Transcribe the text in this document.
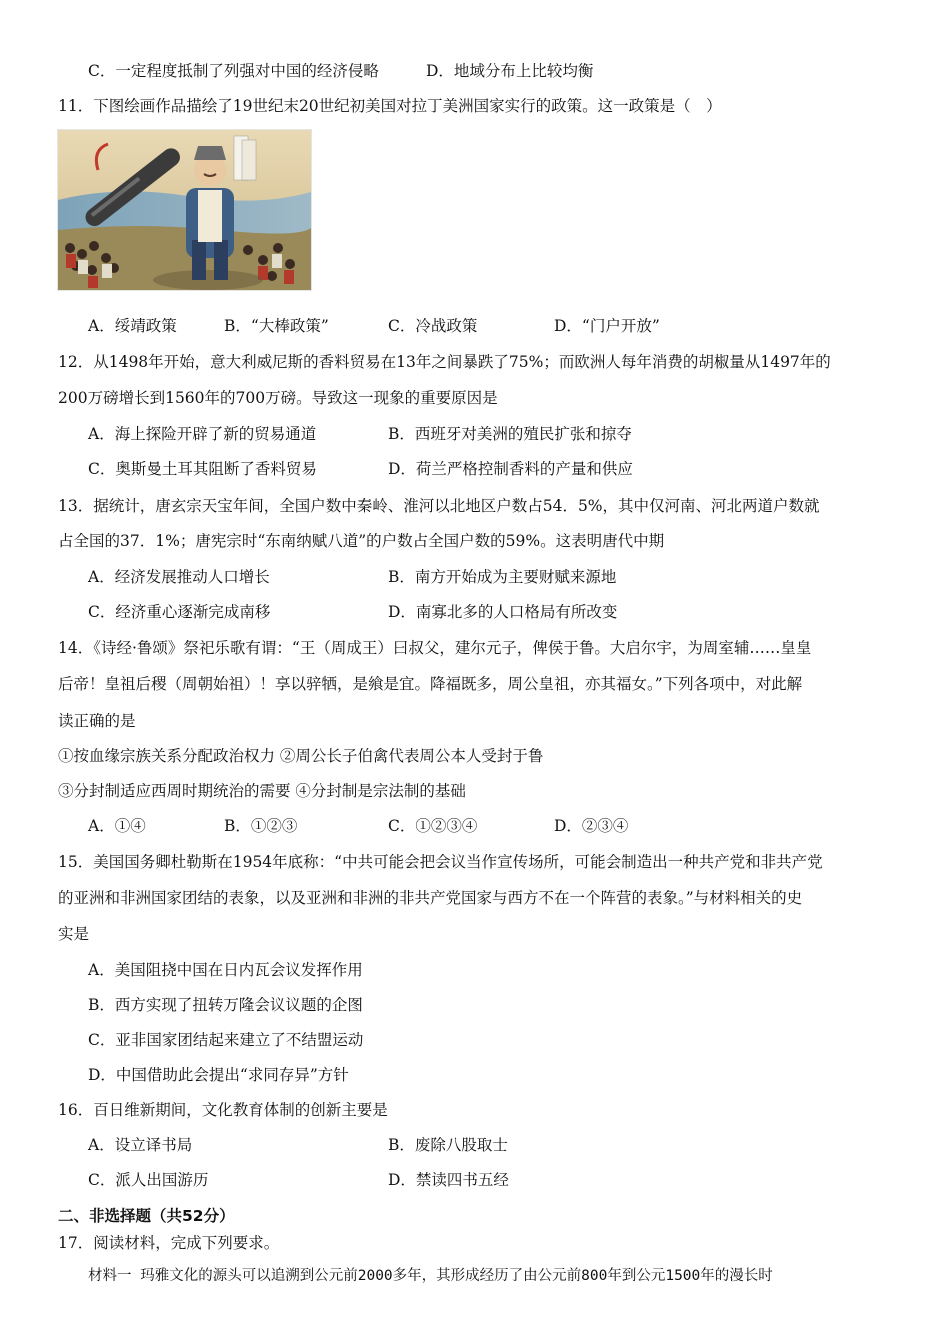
C．一定程度抵制了列强对中国的经济侵略	D．地域分布上比较均衡
11．下图绘画作品描绘了19世纪末20世纪初美国对拉丁美洲国家实行的政策。这一政策是（　）
A．绥靖政策	B．“大棒政策”	C．冷战政策	D．“门户开放”
12．从1498年开始，意大利威尼斯的香料贸易在13年之间暴跌了75%；而欧洲人每年消费的胡椒量从1497年的
200万磅增长到1560年的700万磅。导致这一现象的重要原因是
A．海上探险开辟了新的贸易通道	B．西班牙对美洲的殖民扩张和掠夺
C．奥斯曼土耳其阻断了香料贸易	D．荷兰严格控制香料的产量和供应
13．据统计，唐玄宗天宝年间，全国户数中秦岭、淮河以北地区户数占54．5%，其中仅河南、河北两道户数就
占全国的37．1%；唐宪宗时“东南纳赋八道”的户数占全国户数的59%。这表明唐代中期
A．经济发展推动人口增长	B．南方开始成为主要财赋来源地
C．经济重心逐渐完成南移	D．南寡北多的人口格局有所改变
14．《诗经·鲁颂》祭祀乐歌有谓：“王（周成王）曰叔父，建尔元子，俾侯于鲁。大启尔宇，为周室辅……皇皇
后帝！皇祖后稷（周朝始祖）！享以骍牺，是飨是宜。降福既多，周公皇祖，亦其福女。”下列各项中，对此解
读正确的是
①按血缘宗族关系分配政治权力 ②周公长子伯禽代表周公本人受封于鲁
③分封制适应西周时期统治的需要 ④分封制是宗法制的基础
A．①④	B．①②③	C．①②③④	D．②③④
15．美国国务卿杜勒斯在1954年底称：“中共可能会把会议当作宣传场所，可能会制造出一种共产党和非共产党
的亚洲和非洲国家团结的表象，以及亚洲和非洲的非共产党国家与西方不在一个阵营的表象。”与材料相关的史
实是
A．美国阻挠中国在日内瓦会议发挥作用
B．西方实现了扭转万隆会议议题的企图
C．亚非国家团结起来建立了不结盟运动
D．中国借助此会提出“求同存异”方针
16．百日维新期间，文化教育体制的创新主要是
A．设立译书局	B．废除八股取士
C．派人出国游历	D．禁读四书五经
二、非选择题（共52分）
17．阅读材料，完成下列要求。
材料一 玛雅文化的源头可以追溯到公元前2000多年，其形成经历了由公元前800年到公元1500年的漫长时
